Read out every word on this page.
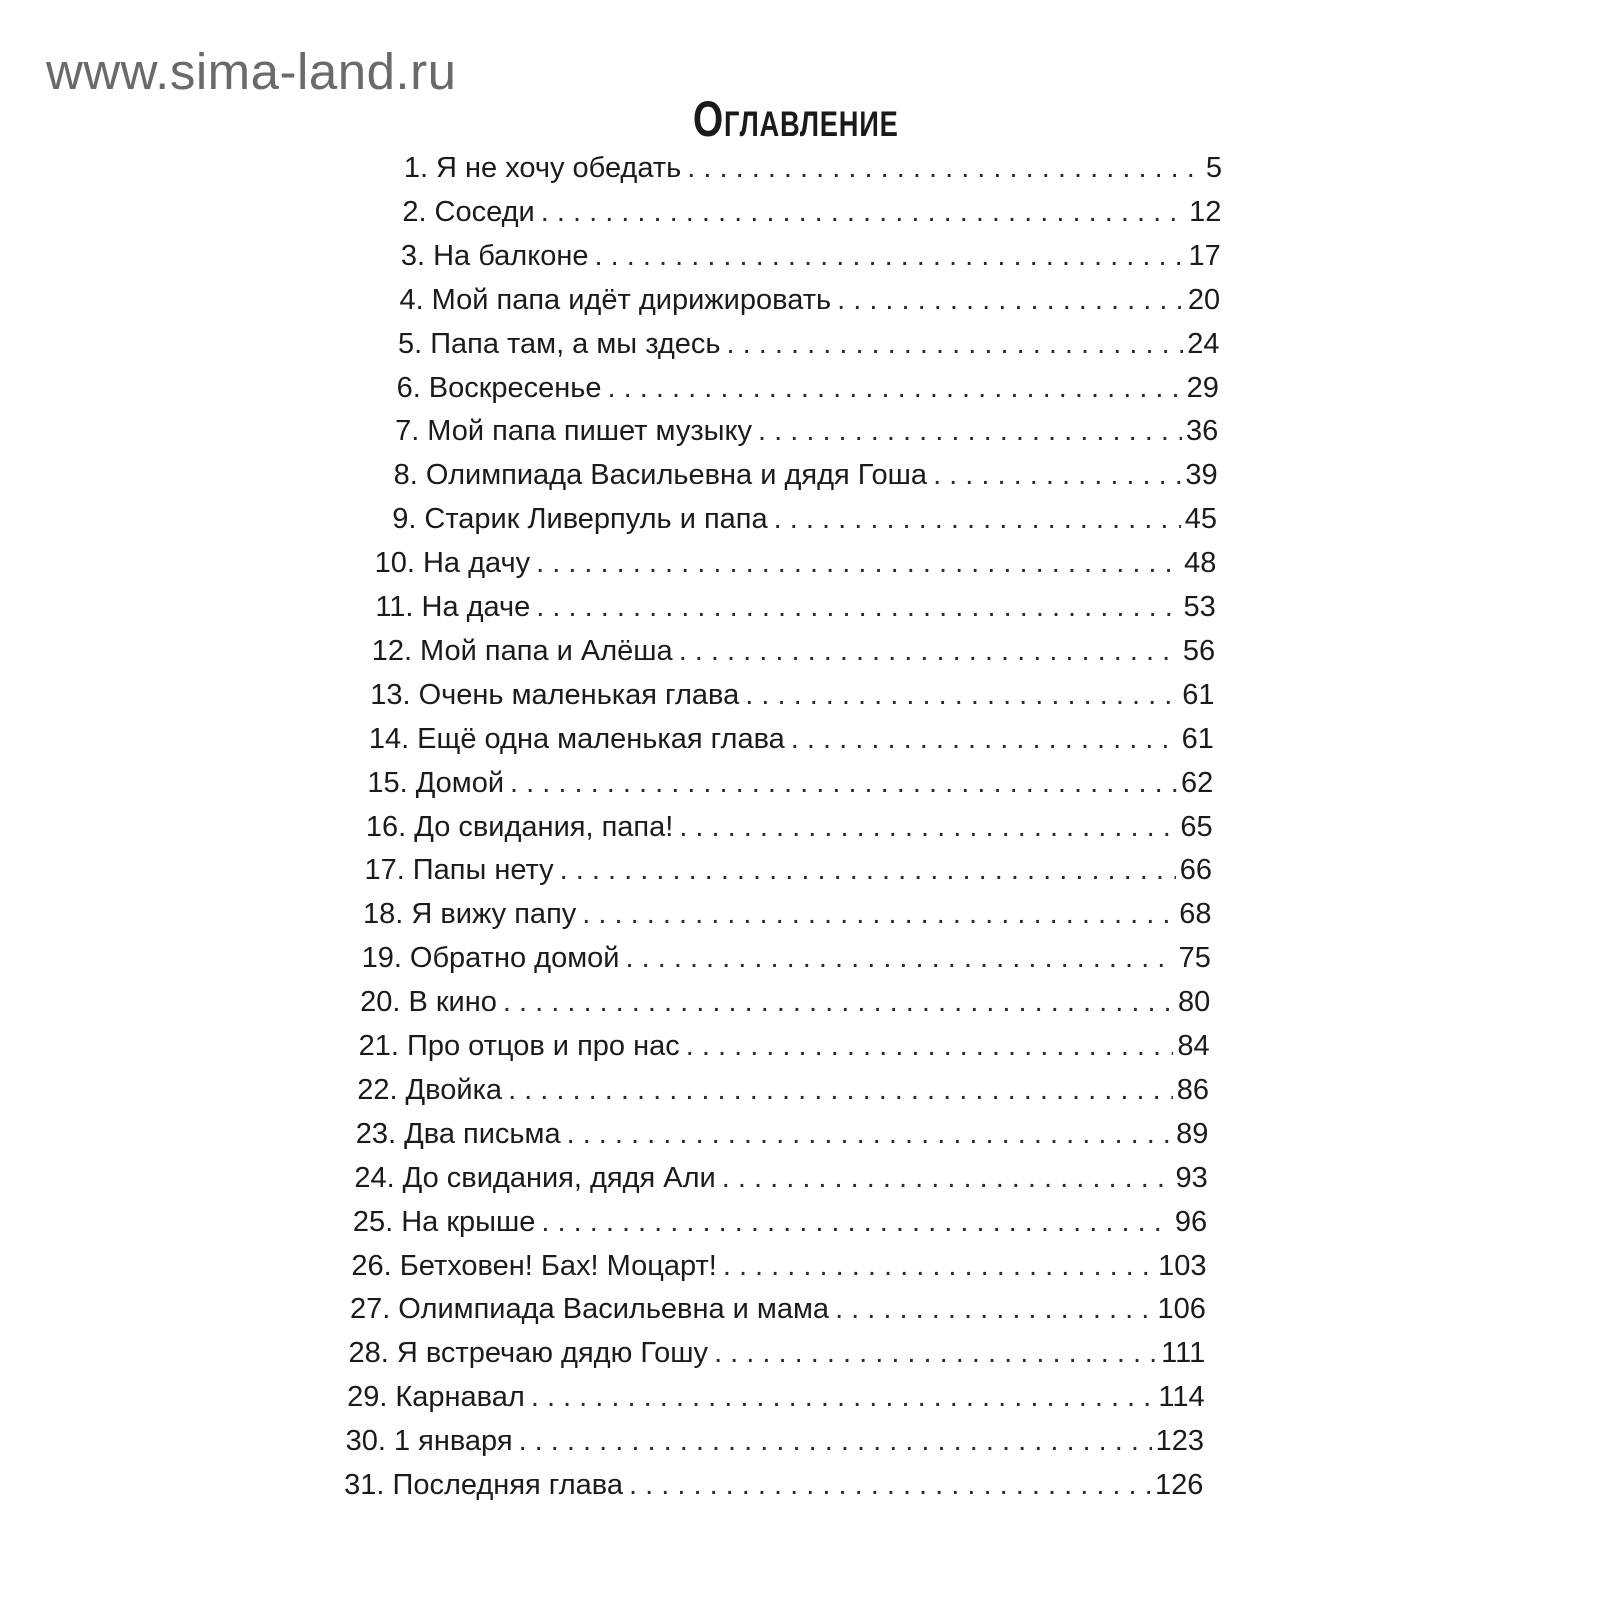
www.sima-land.ru
Оглавление
1. Я не хочу обедать . . .	5
2. Соседи . . .	12
3. На балконе . . .	17
4. Мой папа идёт дирижировать . . .	20
5. Папа там, а мы здесь . . .	24
6. Воскресенье . . .	29
7. Мой папа пишет музыку . . .	36
8. Олимпиада Васильевна и дядя Гоша . . .	39
9. Старик Ливерпуль и папа . . .	45
10. На дачу . . .	48
11. На даче . . .	53
12. Мой папа и Алёша . . .	56
13. Очень маленькая глава . . .	61
14. Ещё одна маленькая глава . . .	61
15. Домой . . .	62
16. До свидания, папа! . . .	65
17. Папы нету . . .	66
18. Я вижу папу . . .	68
19. Обратно домой . . .	75
20. В кино . . .	80
21. Про отцов и про нас . . .	84
22. Двойка . . .	86
23. Два письма . . .	89
24. До свидания, дядя Али . . .	93
25. На крыше . . .	96
26. Бетховен! Бах! Моцарт! . . .	103
27. Олимпиада Васильевна и мама . . .	106
28. Я встречаю дядю Гошу . . .	111
29. Карнавал . . .	114
30. 1 января . . .	123
31. Последняя глава . . .	126
